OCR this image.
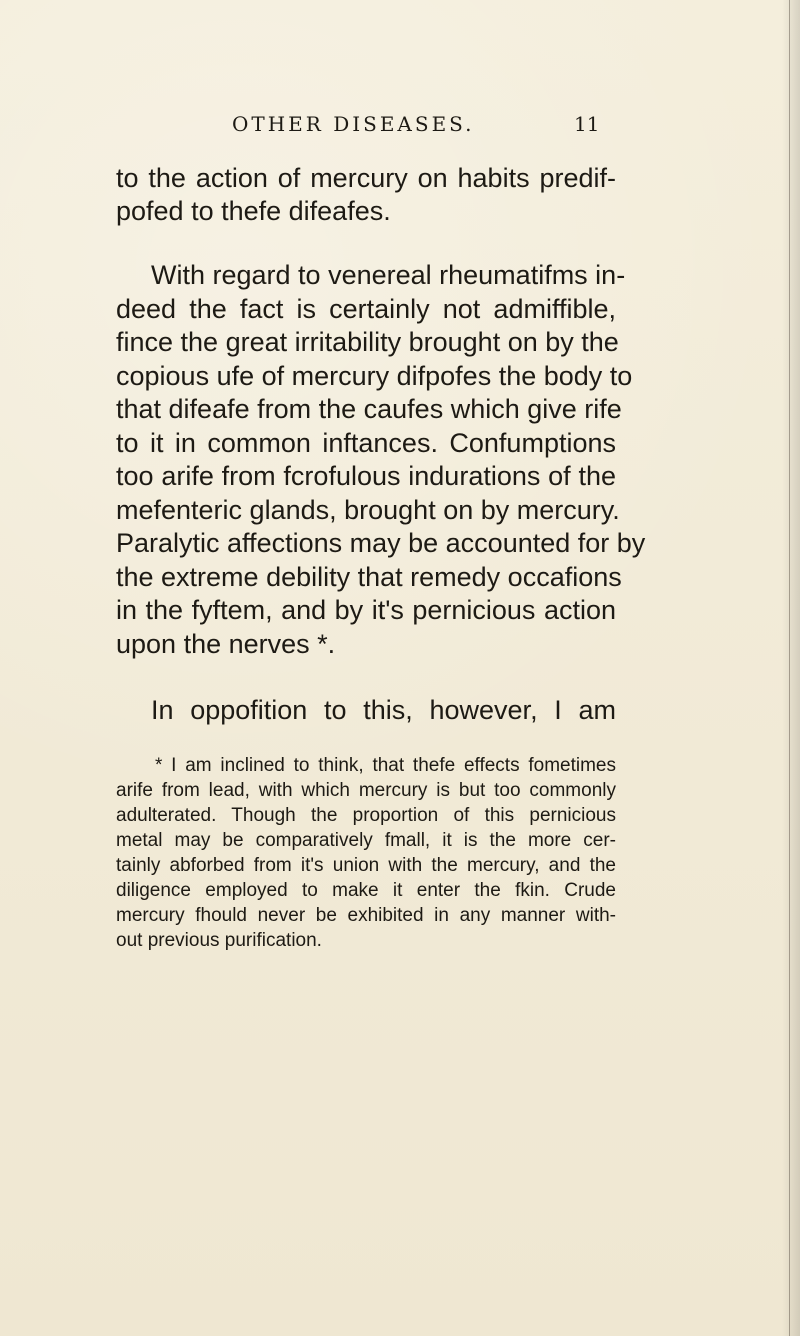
OTHER DISEASES.	11
to the action of mercury on habits predif-
pofed to thefe difeafes.
With regard to venereal rheumatifms in-
deed the fact is certainly not admiffible,
fince the great irritability brought on by the
copious ufe of mercury difpofes the body to
that difeafe from the caufes which give rife
to it in common inftances. Confumptions
too arife from fcrofulous indurations of the
mefenteric glands, brought on by mercury.
Paralytic affections may be accounted for by
the extreme debility that remedy occafions
in the fyftem, and by it's pernicious action
upon the nerves *.
In oppofition to this, however, I am
* I am inclined to think, that thefe effects fometimes
arife from lead, with which mercury is but too commonly
adulterated. Though the proportion of this pernicious
metal may be comparatively fmall, it is the more cer-
tainly abforbed from it's union with the mercury, and the
diligence employed to make it enter the fkin. Crude
mercury fhould never be exhibited in any manner with-
out previous purification.
